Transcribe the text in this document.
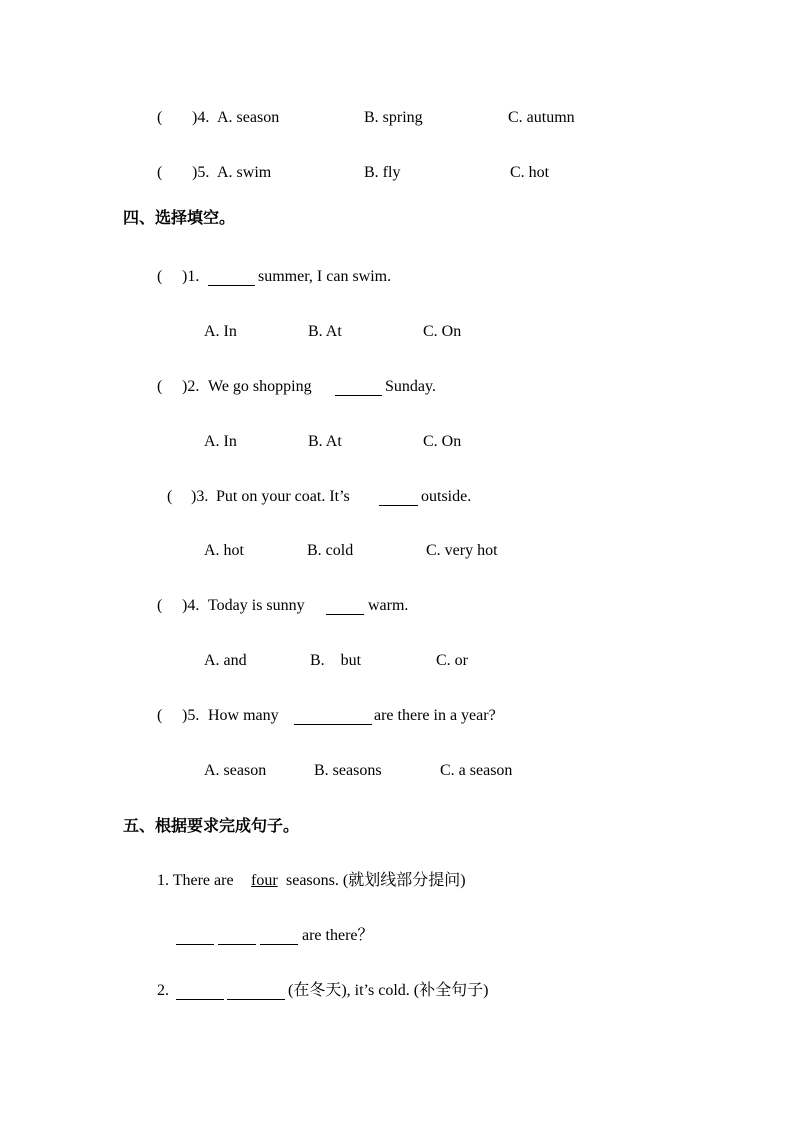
( )4. A. season	B. spring	C. autumn
( )5. A. swim	B. fly	C. hot
四、选择填空。
( )1.	summer, I can swim.
A. In	B. At	C. On
( )2. We go shopping	Sunday.
A. In	B. At	C. On
( )3. Put on your coat. It’s	outside.
A. hot	B. cold	C. very hot
( )4. Today is sunny	warm.
A. and	B.    but	C. or
( )5. How many	are there in a year?
A. season	B. seasons	C. a season
五、根据要求完成句子。
1. There are four seasons. (就划线部分提问)
are there？
2.	(在冬天), it’s cold. (补全句子)
